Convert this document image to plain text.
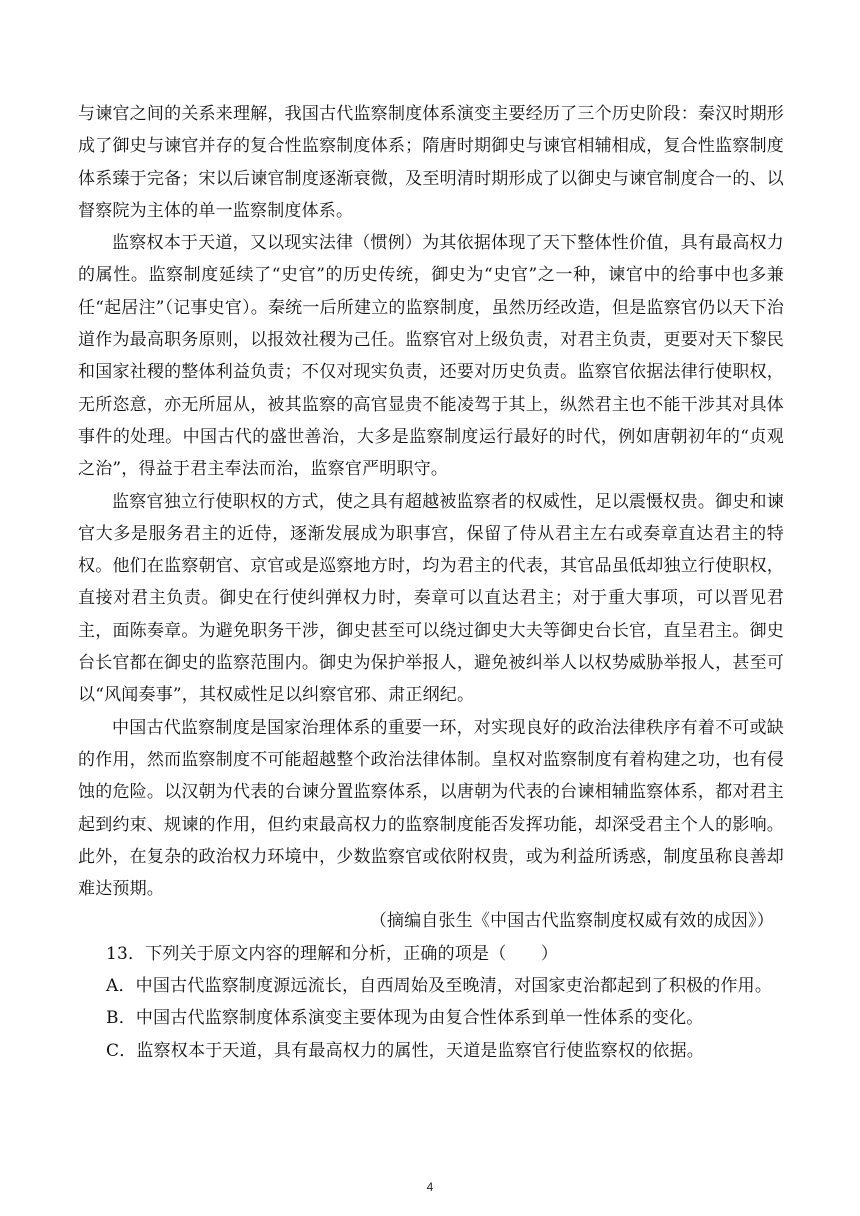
与谏官之间的关系来理解，我国古代监察制度体系演变主要经历了三个历史阶段：秦汉时期形成了御史与谏官并存的复合性监察制度体系；隋唐时期御史与谏官相辅相成，复合性监察制度体系臻于完备；宋以后谏官制度逐渐衰微，及至明清时期形成了以御史与谏官制度合一的、以督察院为主体的单一监察制度体系。

监察权本于天道，又以现实法律（惯例）为其依据体现了天下整体性价值，具有最高权力的属性。监察制度延续了“史官”的历史传统，御史为“史官”之一种，谏官中的给事中也多兼任“起居注”（记事史官）。秦统一后所建立的监察制度，虽然历经改造，但是监察官仍以天下治道作为最高职务原则，以报效社稷为己任。监察官对上级负责，对君主负责，更要对天下黎民和国家社稷的整体利益负责；不仅对现实负责，还要对历史负责。监察官依据法律行使职权，无所恣意，亦无所屈从，被其监察的高官显贵不能凌驾于其上，纵然君主也不能干涉其对具体事件的处理。中国古代的盛世善治，大多是监察制度运行最好的时代，例如唐朝初年的“贞观之治”，得益于君主奉法而治，监察官严明职守。

监察官独立行使职权的方式，使之具有超越被监察者的权威性，足以震慑权贵。御史和谏官大多是服务君主的近侍，逐渐发展成为职事宫，保留了侍从君主左右或奏章直达君主的特权。他们在监察朝官、京官或是巡察地方时，均为君主的代表，其官品虽低却独立行使职权，直接对君主负责。御史在行使纠弹权力时，奏章可以直达君主；对于重大事项，可以晋见君主，面陈奏章。为避免职务干涉，御史甚至可以绕过御史大夫等御史台长官，直呈君主。御史台长官都在御史的监察范围内。御史为保护举报人，避免被纠举人以权势威胁举报人，甚至可以“风闻奏事”，其权威性足以纠察官邪、肃正纲纪。

中国古代监察制度是国家治理体系的重要一环，对实现良好的政治法律秩序有着不可或缺的作用，然而监察制度不可能超越整个政治法律体制。皇权对监察制度有着构建之功，也有侵蚀的危险。以汉朝为代表的台谏分置监察体系，以唐朝为代表的台谏相辅监察体系，都对君主起到约束、规谏的作用，但约束最高权力的监察制度能否发挥功能，却深受君主个人的影响。此外，在复杂的政治权力环境中，少数监察官或依附权贵，或为利益所诱惑，制度虽称良善却难达预期。

（摘编自张生《中国古代监察制度权威有效的成因》）

13．下列关于原文内容的理解和分析，正确的项是（　　）

A．中国古代监察制度源远流长，自西周始及至晚清，对国家吏治都起到了积极的作用。

B．中国古代监察制度体系演变主要体现为由复合性体系到单一性体系的变化。

C．监察权本于天道，具有最高权力的属性，天道是监察官行使监察权的依据。

4
